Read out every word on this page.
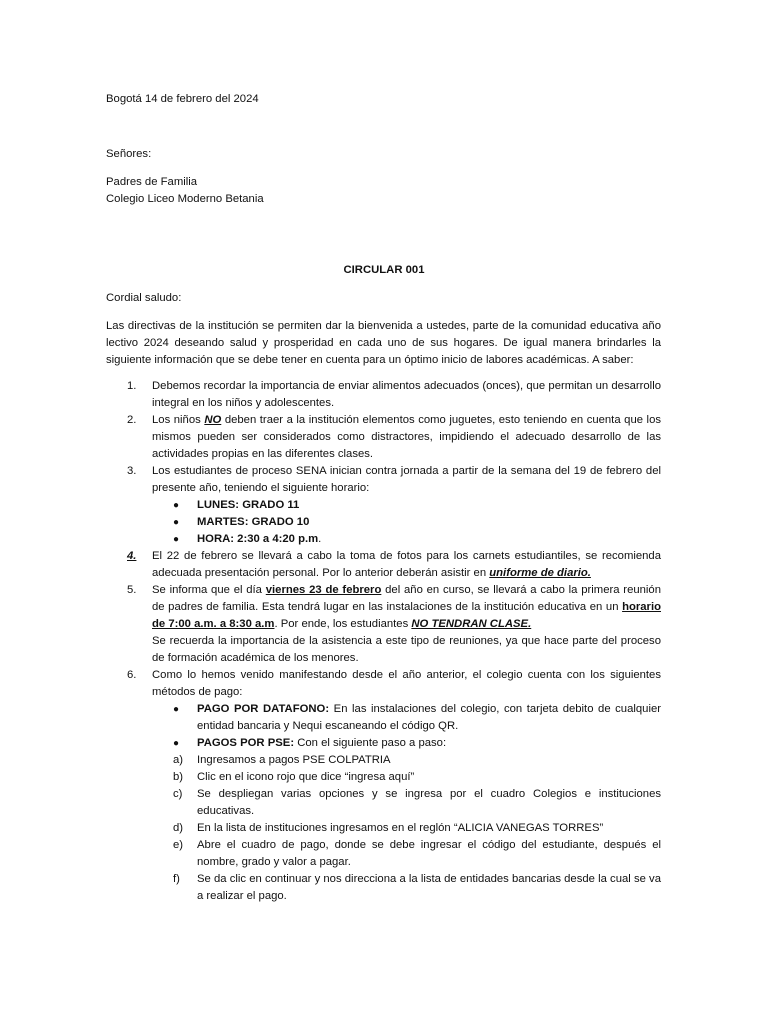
Bogotá 14 de febrero del 2024
Señores:
Padres de Familia
Colegio Liceo Moderno Betania
CIRCULAR 001
Cordial saludo:

Las directivas de la institución se permiten dar la bienvenida a ustedes, parte de la comunidad educativa año lectivo 2024 deseando salud y prosperidad en cada uno de sus hogares. De igual manera brindarles la siguiente información que se debe tener en cuenta para un óptimo inicio de labores académicas. A saber:

1. Debemos recordar la importancia de enviar alimentos adecuados (onces), que permitan un desarrollo integral en los niños y adolescentes.
2. Los niños NO deben traer a la institución elementos como juguetes, esto teniendo en cuenta que los mismos pueden ser considerados como distractores, impidiendo el adecuado desarrollo de las actividades propias en las diferentes clases.
3. Los estudiantes de proceso SENA inician contra jornada a partir de la semana del 19 de febrero del presente año, teniendo el siguiente horario:
● LUNES: GRADO 11
● MARTES: GRADO 10
● HORA: 2:30 a 4:20 p.m.
4. El 22 de febrero se llevará a cabo la toma de fotos para los carnets estudiantiles, se recomienda adecuada presentación personal. Por lo anterior deberán asistir en uniforme de diario.
5. Se informa que el día viernes 23 de febrero del año en curso, se llevará a cabo la primera reunión de padres de familia. Esta tendrá lugar en las instalaciones de la institución educativa en un horario de 7:00 a.m. a 8:30 a.m. Por ende, los estudiantes NO TENDRAN CLASE.
Se recuerda la importancia de la asistencia a este tipo de reuniones, ya que hace parte del proceso de formación académica de los menores.
6. Como lo hemos venido manifestando desde el año anterior, el colegio cuenta con los siguientes métodos de pago:
● PAGO POR DATAFONO: En las instalaciones del colegio, con tarjeta debito de cualquier entidad bancaria y Nequi escaneando el código QR.
● PAGOS POR PSE: Con el siguiente paso a paso:
a) Ingresamos a pagos PSE COLPATRIA
b) Clic en el icono rojo que dice “ingresa aquí”
c) Se despliegan varias opciones y se ingresa por el cuadro Colegios e instituciones educativas.
d) En la lista de instituciones ingresamos en el reglón “ALICIA VANEGAS TORRES”
e) Abre el cuadro de pago, donde se debe ingresar el código del estudiante, después el nombre, grado y valor a pagar.
f) Se da clic en continuar y nos direcciona a la lista de entidades bancarias desde la cual se va a realizar el pago.
